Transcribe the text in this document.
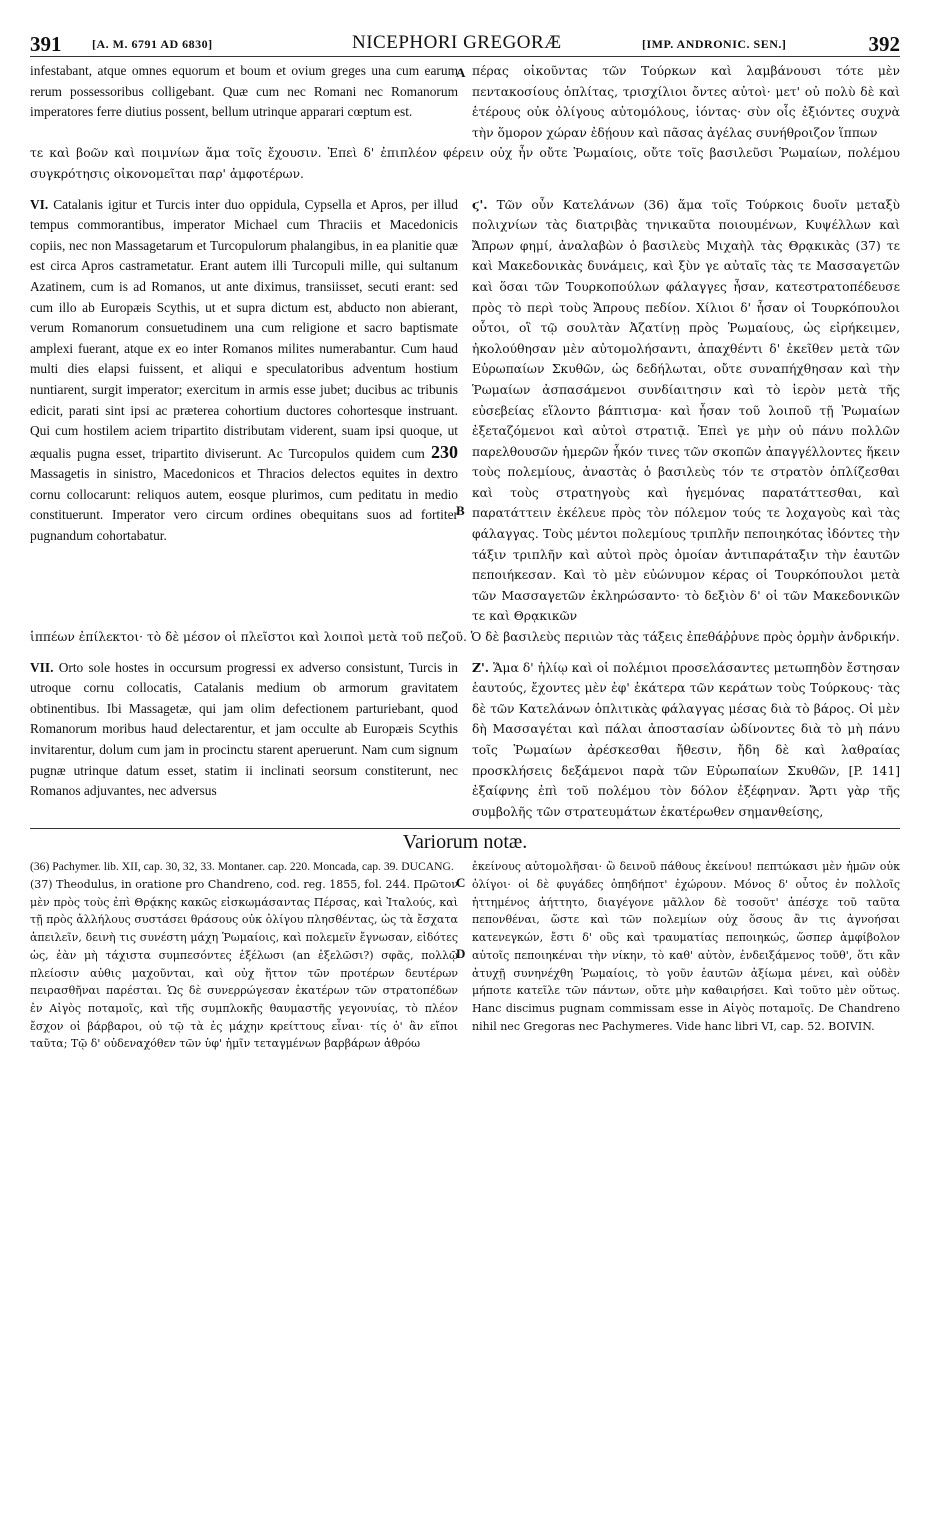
391	[A. M. 6791 AD 6830]	NICEPHORI GREGORÆ	[IMP. ANDRONIC. SEN.]	392

infestabant, atque omnes equorum et boum et ovium greges una cum earum rerum possessoribus colligebant. Quæ cum nec Romani nec Romanorum imperatores ferre diutius possent, bellum utrinque apparari cœptum est.

A πέρας οἰκοῦντας τῶν Τούρκων καὶ λαμβάνουσι τότε μὲν πεντακοσίους ὁπλίτας, τρισχίλιοι ὄντες αὐτοὶ· μετ' οὐ πολὺ δὲ καὶ ἑτέρους οὐκ ὀλίγους αὐτομόλους, ἰόντας· σὺν οἷς ἐξιόντες συχνὰ τὴν ὅμορον χώραν ἐδῄουν καὶ πᾶσας ἀγέλας συνήθροιζον ἵππων

τε καὶ βοῶν καὶ ποιμνίων ἅμα τοῖς ἔχουσιν. Ἐπεὶ δ' ἐπιπλέον φέρειν οὐχ ἦν οὔτε Ῥωμαίοις, οὔτε τοῖς βασιλεῦσι Ῥωμαίων, πολέμου συγκρότησις οἰκονομεῖται παρ' ἀμφοτέρων.

VI. Catalanis igitur et Turcis inter duo oppidula, Cypsella et Apros, per illud tempus commorantibus, imperator Michael cum Thraciis et Macedonicis copiis, nec non Massagetarum et Turcopulorum phalangibus, in ea planitie quæ est circa Apros castrametatur. Erant autem illi Turcopuli mille, qui sultanum Azatinem, cum is ad Romanos, ut ante diximus, transiisset, secuti erant: sed cum illo ab Europæis Scythis, ut et supra dictum est, abducto non abierant, verum Romanorum consuetudinem una cum religione et sacro baptismate amplexi fuerant, atque ex eo inter Romanos milites numerabantur. Cum haud multi dies elapsi fuissent, et aliqui e speculatoribus adventum hostium nuntiarent, surgit imperator; exercitum in armis esse jubet; ducibus ac tribunis edicit, parati sint ipsi ac præterea cohortium ductores cohortesque instruant. Qui cum hostilem aciem tripartito distributam viderent, suam ipsi quoque, ut æqualis pugna esset, tripartito diviserunt. Ac Turcopulos quidem cum 230 Massagetis in sinistro, Macedonicos et Thracios delectos equites in dextro cornu collocarunt: reliquos autem, eosque plurimos, cum peditatu in medio constituerunt. Imperator vero circum ordines obequitans suos ad fortiter pugnandum cohortabatur.

B
C

ϛ'. Τῶν οὖν Κατελάνων (36) ἅμα τοῖς Τούρκοις δυοῖν μεταξὺ πολιχνίων τὰς διατριβὰς τηνικαῦτα ποιουμένων, Κυψέλλων καὶ Ἄπρων φημί, ἀναλαβὼν ὁ βασιλεὺς Μιχαὴλ τὰς Θρᾳκικὰς (37) τε καὶ Μακεδονικὰς δυνάμεις, καὶ ξὺν γε αὐταῖς τὰς τε Μασσαγετῶν καὶ ὅσαι τῶν Τουρκοπούλων φάλαγγες ἦσαν, κατεστρατοπέδευσε πρὸς τὸ περὶ τοὺς Ἄπρους πεδίον. Χίλιοι δ' ἦσαν οἱ Τουρκόπουλοι οὗτοι, οἳ τῷ σουλτὰν Ἀζατίνῃ πρὸς Ῥωμαίους, ὡς εἰρήκειμεν, ἠκολούθησαν μὲν αὐτομολήσαντι, ἀπαχθέντι δ' ἐκεῖθεν μετὰ τῶν Εὐρωπαίων Σκυθῶν, ὡς δεδήλωται, οὔτε συναπήχθησαν καὶ τὴν Ῥωμαίων ἀσπασάμενοι συνδίαιτησιν καὶ τὸ ἱερὸν μετὰ τῆς εὐσεβείας εἵλοντο βάπτισμα· καὶ ἦσαν τοῦ λοιποῦ τῇ Ῥωμαίων ἐξεταζόμενοι καὶ αὐτοὶ στρατιᾷ. Ἐπεὶ γε μὴν οὐ πάνυ πολλῶν παρελθουσῶν ἡμερῶν ἧκόν τινες τῶν σκοπῶν ἀπαγγέλλοντες ἥκειν τοὺς πολεμίους, ἀναστὰς ὁ βασιλεὺς τόν τε στρατὸν ὁπλίζεσθαι καὶ τοὺς στρατηγοὺς καὶ ἡγεμόνας παρατάττεσθαι, καὶ παρατάττειν ἐκέλευε πρὸς τὸν πόλεμον τούς τε λοχαγοὺς καὶ τὰς φάλαγγας. Τοὺς μέντοι πολεμίους τριπλῆν πεποιηκότας ἰδόντες τὴν τάξιν τριπλῆν καὶ αὐτοὶ πρὸς ὁμοίαν ἀντιπαράταξιν τὴν ἑαυτῶν πεποιήκεσαν. Καὶ τὸ μὲν εὐώνυμον κέρας οἱ Τουρκόπουλοι μετὰ τῶν Μασσαγετῶν ἐκληρώσαντο· τὸ δεξιὸν δ' οἱ τῶν Μακεδονικῶν τε καὶ Θρᾳκικῶν

ἱππέων ἐπίλεκτοι· τὸ δὲ μέσον οἱ πλεῖστοι καὶ λοιποὶ μετὰ τοῦ πεζοῦ. Ὁ δὲ βασιλεὺς περιιὼν τὰς τάξεις ἐπεθάῤῥυνε πρὸς ὁρμὴν ἀνδρικήν.

VII. Orto sole hostes in occursum progressi ex adverso consistunt, Turcis in utroque cornu collocatis, Catalanis medium ob armorum gravitatem obtinentibus. Ibi Massagetæ, qui jam olim defectionem parturiebant, quod Romanorum moribus haud delectarentur, et jam occulte ab Europæis Scythis invitarentur, dolum cum jam in procinctu starent aperuerunt. Nam cum signum pugnæ utrinque datum esset, statim ii inclinati seorsum constiterunt, nec Romanos adjuvantes, nec adversus

D

Ζ'. Ἅμα δ' ἡλίῳ καὶ οἱ πολέμιοι προσελάσαντες μετωπηδὸν ἔστησαν ἑαυτούς, ἔχοντες μὲν ἐφ' ἑκάτερα τῶν κεράτων τοὺς Τούρκους· τὰς δὲ τῶν Κατελάνων ὁπλιτικὰς φάλαγγας μέσας διὰ τὸ βάρος. Οἱ μὲν δὴ Μασσαγέται καὶ πάλαι ἀποστασίαν ὠδίνοντες διὰ τὸ μὴ πάνυ τοῖς Ῥωμαίων ἀρέσκεσθαι ἤθεσιν, ἤδη δὲ καὶ λαθραίας προσκλήσεις δεξάμενοι παρὰ τῶν Εὐρωπαίων Σκυθῶν, [P. 141] ἐξαίφνης ἐπὶ τοῦ πολέμου τὸν δόλον ἐξέφηναν. Ἄρτι γὰρ τῆς συμβολῆς τῶν στρατευμάτων ἑκατέρωθεν σημανθείσης,

Variorum notæ.

(36) Pachymer. lib. XII, cap. 30, 32, 33. Montaner. cap. 220. Moncada, cap. 39. DUCANG.

(37) Theodulus, in oratione pro Chandreno, cod. reg. 1855, fol. 244. Πρῶτον μὲν πρὸς τοὺς ἐπὶ Θρᾴκης κακῶς εἰσκωμάσαντας Πέρσας, καὶ Ἰταλούς, καὶ τῇ πρὸς ἀλλήλους συστάσει θράσους οὐκ ὀλίγου πλησθέντας, ὡς τὰ ἔσχατα ἀπειλεῖν, δεινὴ τις συνέστη μάχη Ῥωμαίοις, καὶ πολεμεῖν ἔγνωσαν, εἰδότες ὡς, ἐὰν μὴ τάχιστα συμπεσόντες ἐξέλωσι (an ἐξελῶσι?) σφᾶς, πολλῷ πλείοσιν αὐθις μαχοῦνται, καὶ οὐχ ἥττον τῶν προτέρων δευτέρων πειρασθῆναι παρέσται. Ὡς δὲ συνερρώγεσαν ἑκατέρων τῶν στρατοπέδων ἐν Αἰγὸς ποταμοῖς, καὶ τῆς συμπλοκῆς θαυμαστῆς γεγονυίας, τὸ πλέον ἔσχον οἱ βάρβαροι, οὐ τῷ τὰ ἐς μάχην κρείττους εἶναι· τίς ὁ' ἂν εἴποι ταῦτα; Τῷ δ' οὐδεναχόθεν τῶν ὑφ' ἡμῖν τεταγμένων βαρβάρων ἀθρόω

ἐκείνους αὐτομολῆσαι· ὢ δεινοῦ πάθους ἐκείνου! πεπτώκασι μὲν ἡμῶν οὐκ ὀλίγοι· οἱ δὲ φυγάδες ὁπηδήποτ' ἐχώρουν. Μόνος δ' οὗτος ἐν πολλοῖς ἡττημένος ἀήττητο, διαγέγονε μᾶλλον δὲ τοσοῦτ' ἀπέσχε τοῦ ταῦτα πεπονθέναι, ὥστε καὶ τῶν πολεμίων οὐχ ὅσους ἂν τις ἀγνοήσαι κατενεγκών, ἔστι δ' οὓς καὶ τραυματίας πεποιηκώς, ὥσπερ ἀμφίβολον αὐτοῖς πεποιηκέναι τὴν νίκην, τὸ καθ' αὐτὸν, ἐνδειξάμενος τοῦθ', ὅτι κἂν ἀτυχῇ συνηνέχθη Ῥωμαίοις, τὸ γοῦν ἑαυτῶν ἀξίωμα μένει, καὶ οὐδὲν μήποτε κατεῖλε τῶν πάντων, οὔτε μὴν καθαιρήσει. Καὶ τοῦτο μὲν οὕτως. Hanc discimus pugnam commissam esse in Αἰγὸς ποταμοῖς. De Chandreno nihil nec Gregoras nec Pachymeres. Vide hanc libri VI, cap. 52. BOIVIN.
